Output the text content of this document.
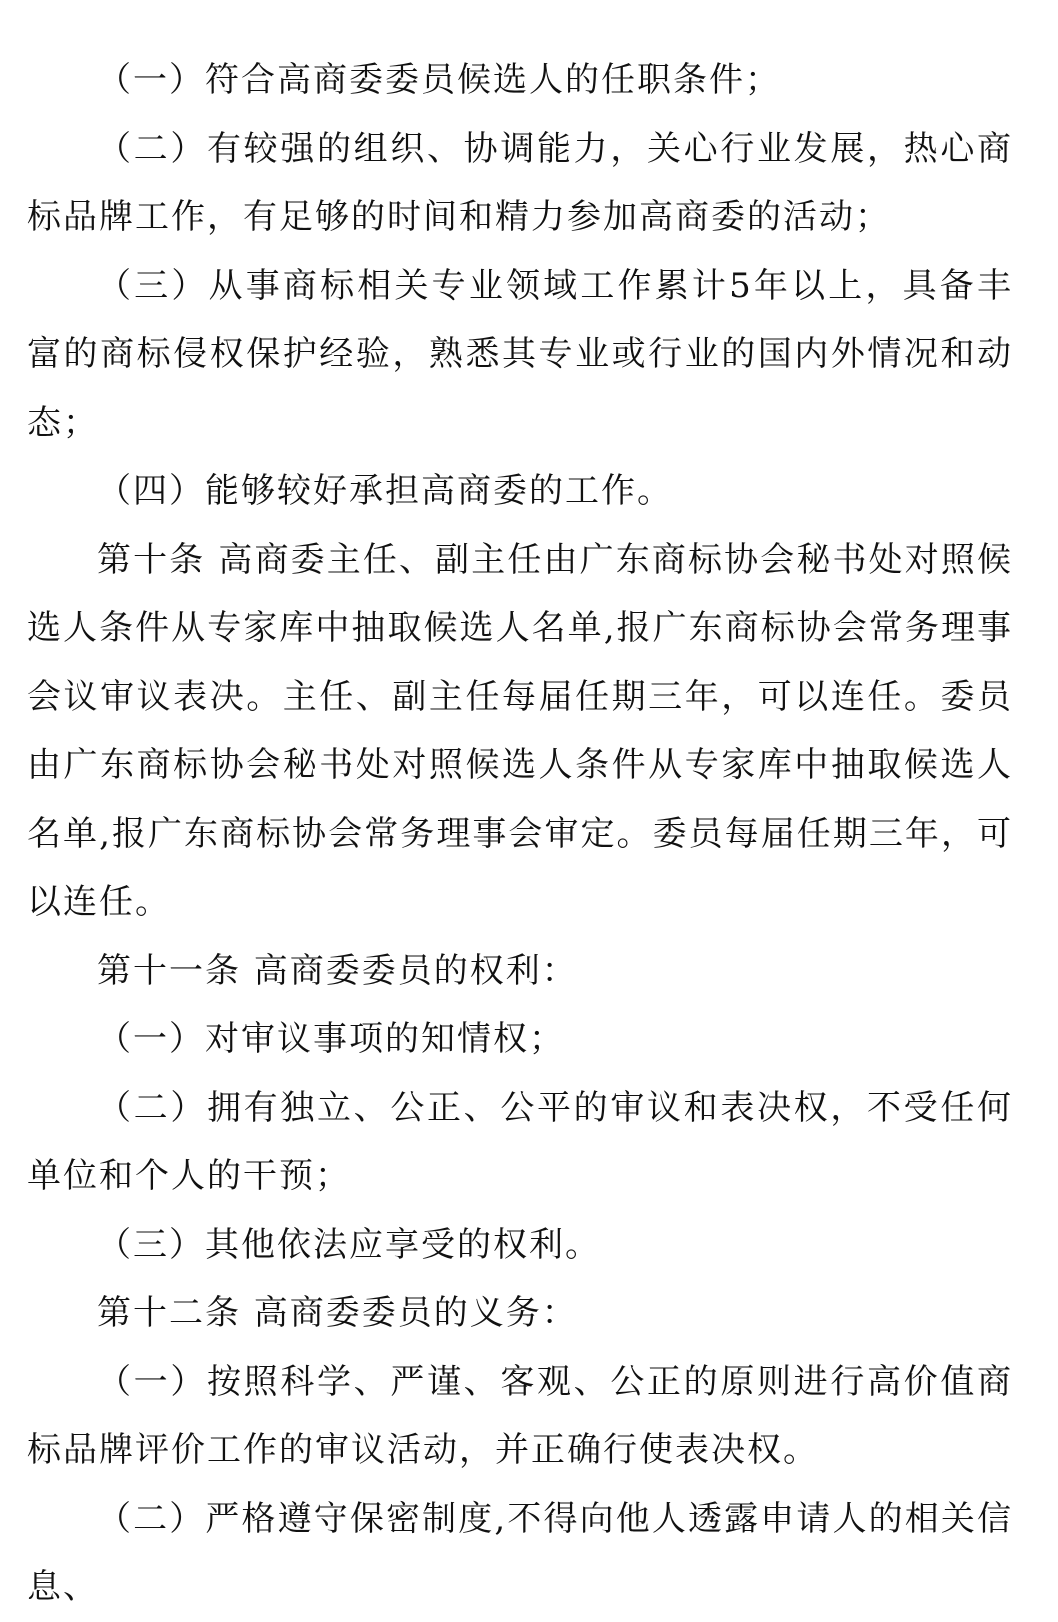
（一）符合高商委委员候选人的任职条件；

（二）有较强的组织、协调能力，关心行业发展，热心商标品牌工作，有足够的时间和精力参加高商委的活动；

（三）从事商标相关专业领域工作累计5年以上，具备丰富的商标侵权保护经验，熟悉其专业或行业的国内外情况和动态；

（四）能够较好承担高商委的工作。

第十条 高商委主任、副主任由广东商标协会秘书处对照候选人条件从专家库中抽取候选人名单,报广东商标协会常务理事会议审议表决。主任、副主任每届任期三年，可以连任。委员由广东商标协会秘书处对照候选人条件从专家库中抽取候选人名单,报广东商标协会常务理事会审定。委员每届任期三年，可以连任。

第十一条 高商委委员的权利：

（一）对审议事项的知情权；

（二）拥有独立、公正、公平的审议和表决权，不受任何单位和个人的干预；

（三）其他依法应享受的权利。

第十二条 高商委委员的义务：

（一）按照科学、严谨、客观、公正的原则进行高价值商标品牌评价工作的审议活动，并正确行使表决权。

（二）严格遵守保密制度,不得向他人透露申请人的相关信息、
